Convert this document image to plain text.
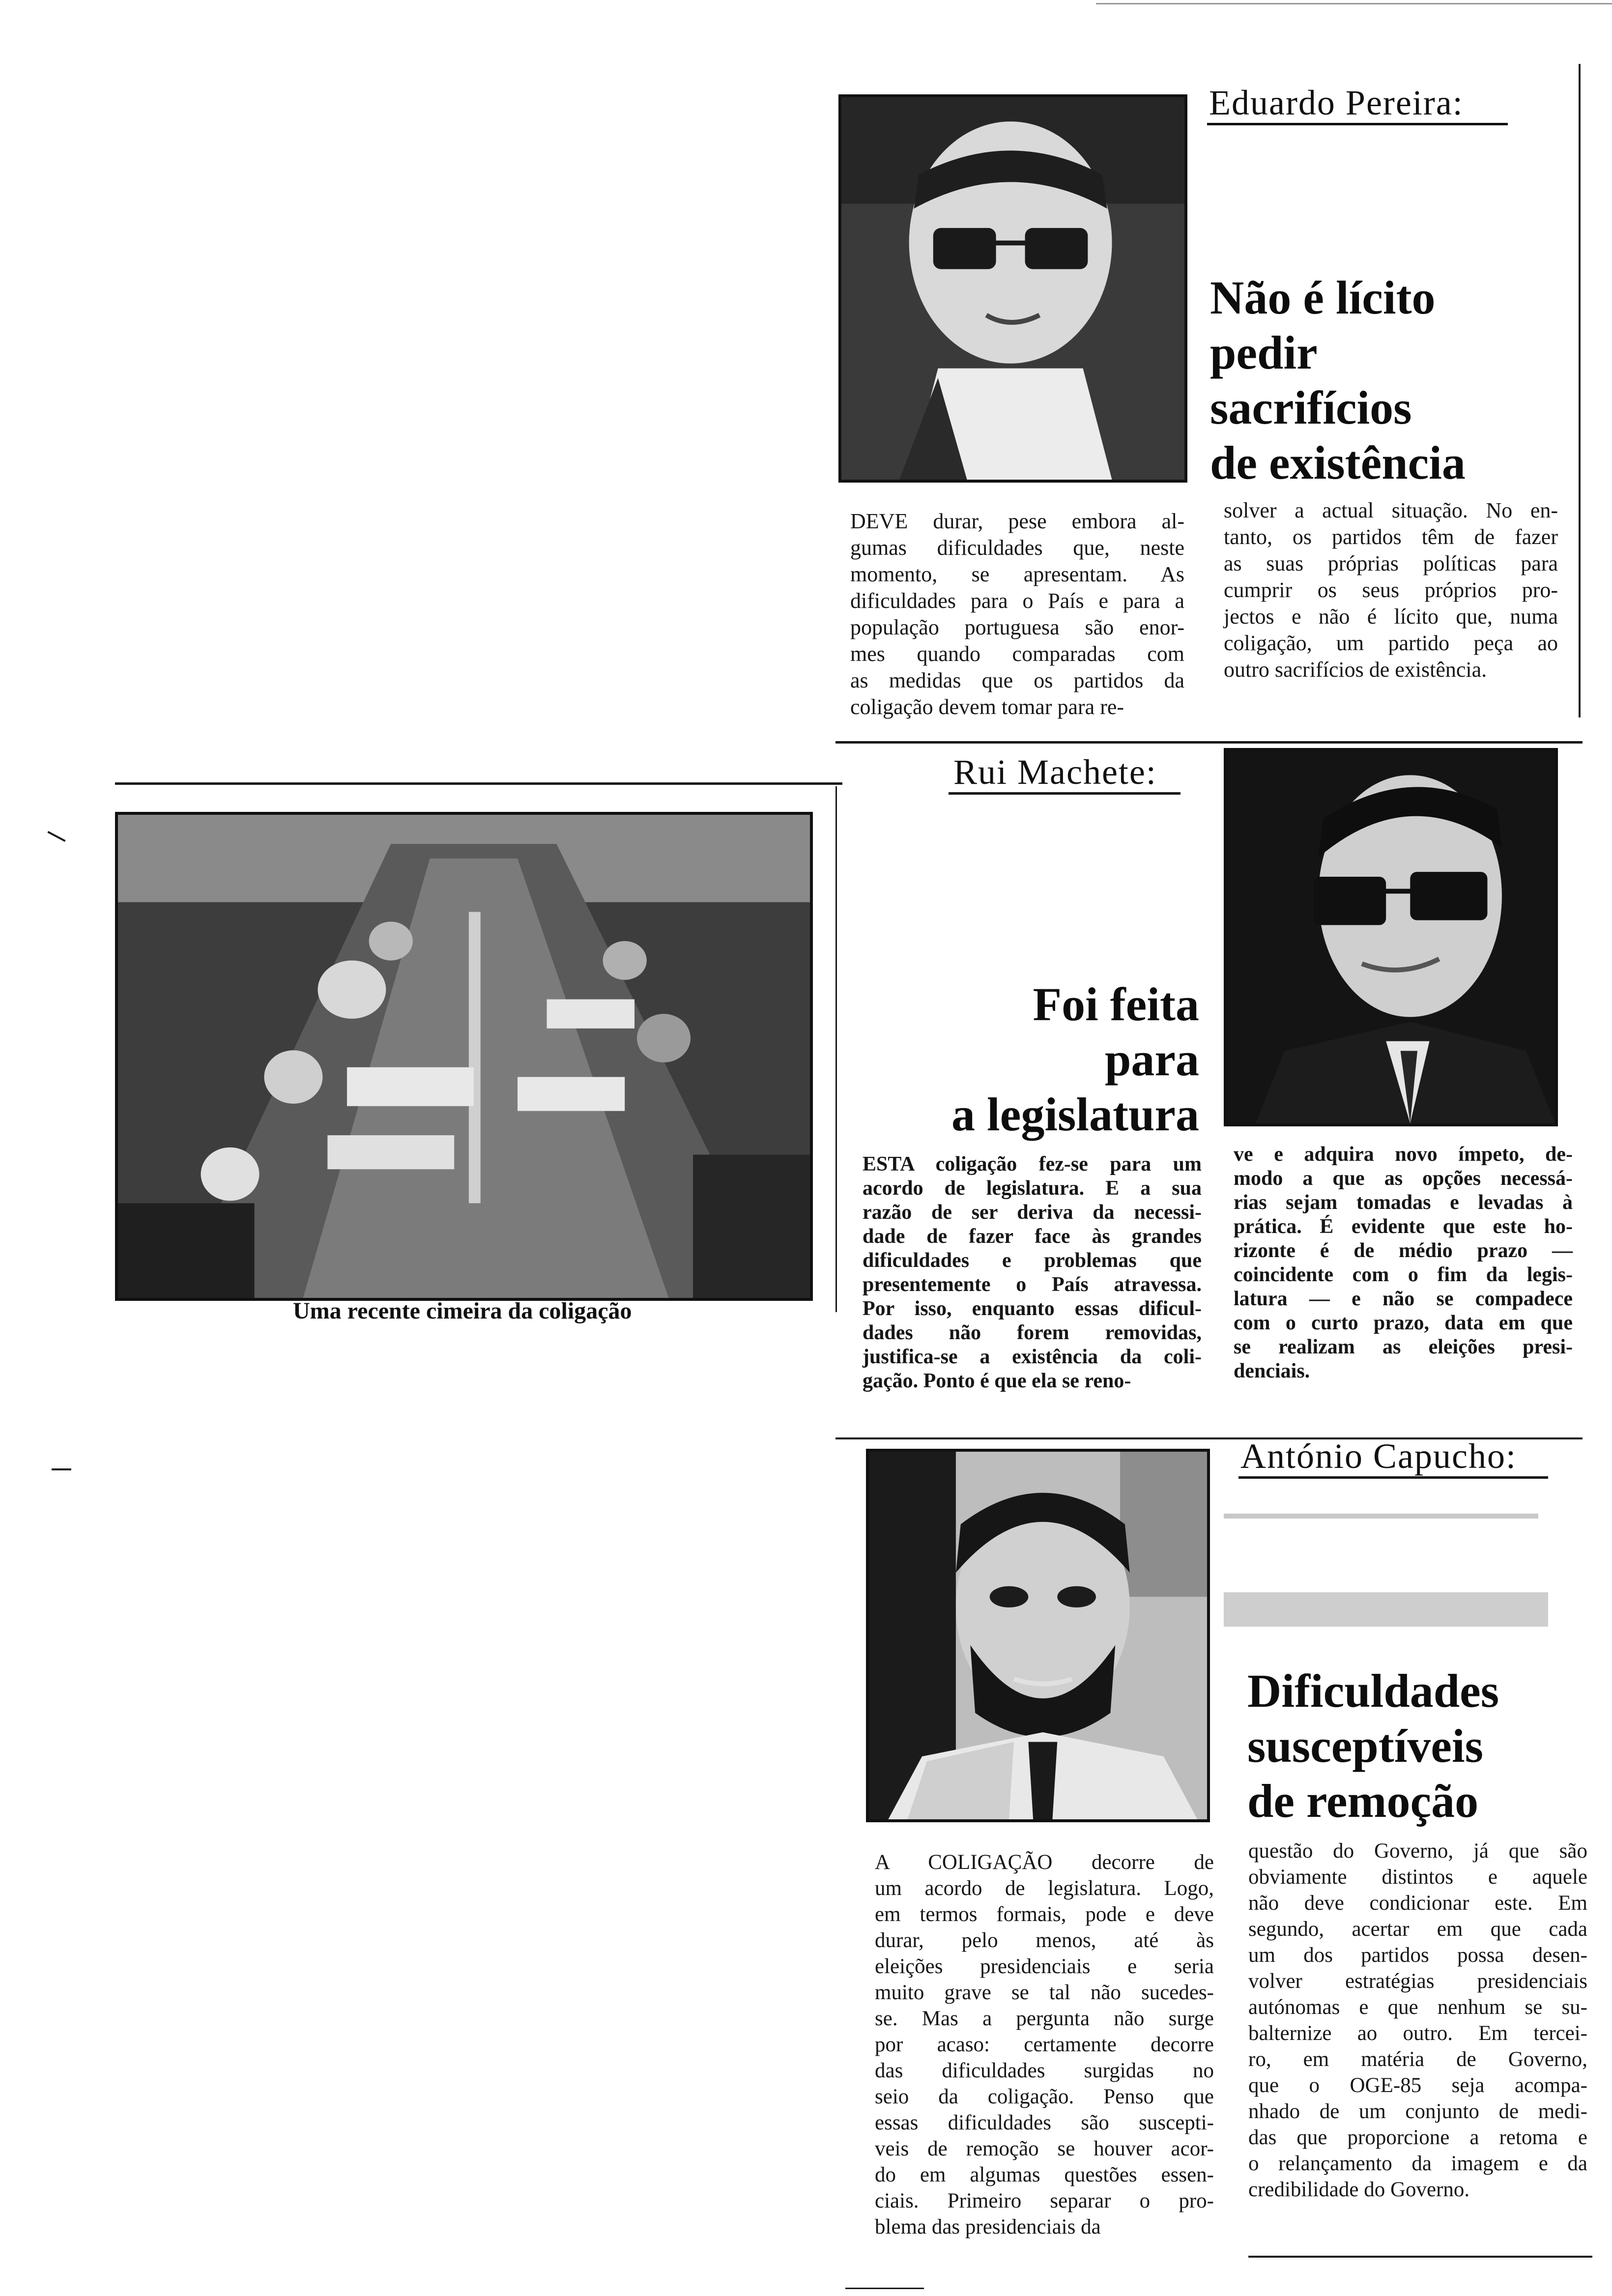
Eduardo Pereira:
Não é lícito
pedir
sacrifícios
de existência
DEVE durar, pese embora al-
gumas dificuldades que, neste
momento, se apresentam. As
dificuldades para o País e para a
população portuguesa são enor-
mes quando comparadas com
as medidas que os partidos da
coligação devem tomar para re-
solver a actual situação. No en-
tanto, os partidos têm de fazer
as suas próprias políticas para
cumprir os seus próprios pro-
jectos e não é lícito que, numa
coligação, um partido peça ao
outro sacrifícios de existência.
Uma recente cimeira da coligação
Rui Machete:
Foi feita
para
a legislatura
ESTA coligação fez-se para um
acordo de legislatura. E a sua
razão de ser deriva da necessi-
dade de fazer face às grandes
dificuldades e problemas que
presentemente o País atravessa.
Por isso, enquanto essas dificul-
dades não forem removidas,
justifica-se a existência da coli-
gação. Ponto é que ela se reno-
ve e adquira novo ímpeto, de-
modo a que as opções necessá-
rias sejam tomadas e levadas à
prática. É evidente que este ho-
rizonte é de médio prazo —
coincidente com o fim da legis-
latura — e não se compadece
com o curto prazo, data em que
se realizam as eleições presi-
denciais.
António Capucho:
Dificuldades
susceptíveis
de remoção
A COLIGAÇÃO decorre de
um acordo de legislatura. Logo,
em termos formais, pode e deve
durar, pelo menos, até às
eleições presidenciais e seria
muito grave se tal não sucedes-
se. Mas a pergunta não surge
por acaso: certamente decorre
das dificuldades surgidas no
seio da coligação. Penso que
essas dificuldades são suscepti-
veis de remoção se houver acor-
do em algumas questões essen-
ciais. Primeiro separar o pro-
blema das presidenciais da
questão do Governo, já que são
obviamente distintos e aquele
não deve condicionar este. Em
segundo, acertar em que cada
um dos partidos possa desen-
volver estratégias presidenciais
autónomas e que nenhum se su-
balternize ao outro. Em tercei-
ro, em matéria de Governo,
que o OGE-85 seja acompa-
nhado de um conjunto de medi-
das que proporcione a retoma e
o relançamento da imagem e da
credibilidade do Governo.
